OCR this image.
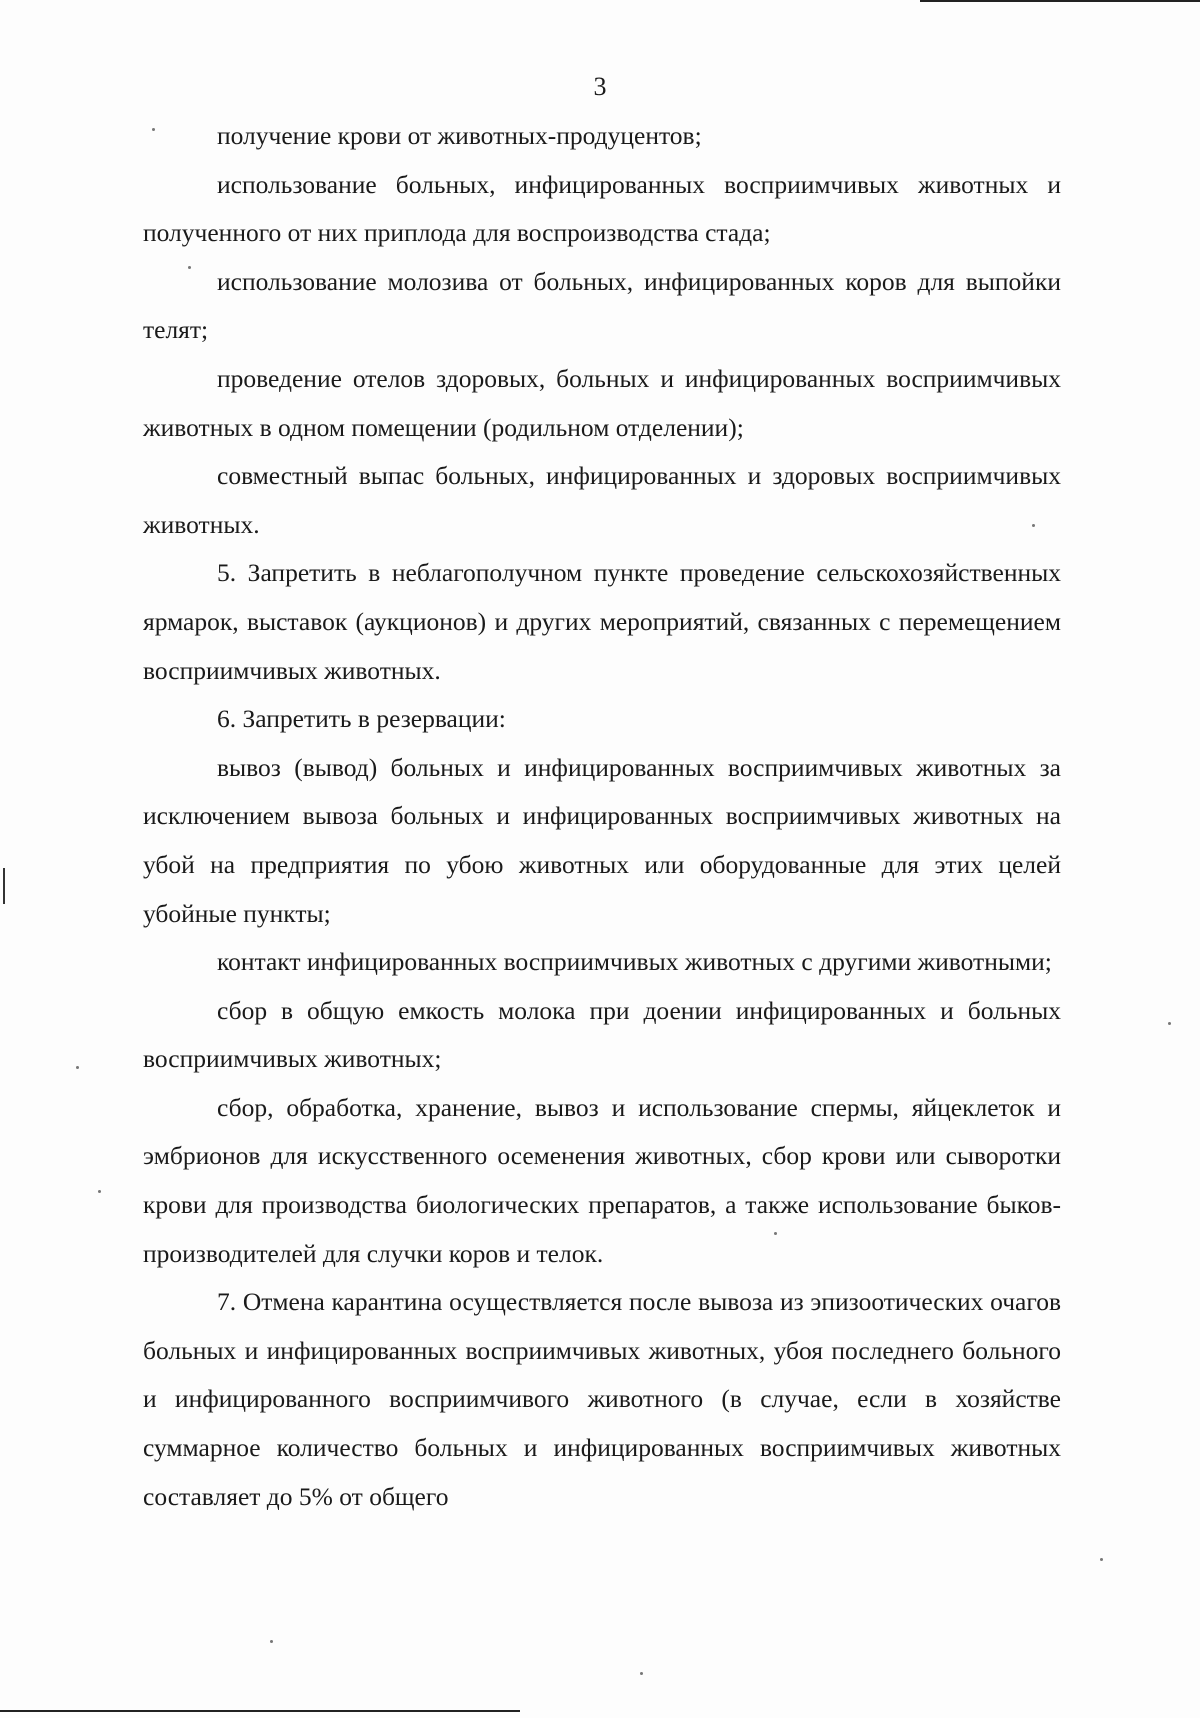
3

получение крови от животных-продуцентов;

использование больных, инфицированных восприимчивых животных и полученного от них приплода для воспроизводства стада;

использование молозива от больных, инфицированных коров для выпойки телят;

проведение отелов здоровых, больных и инфицированных восприимчивых животных в одном помещении (родильном отделении);

совместный выпас больных, инфицированных и здоровых восприимчивых животных.

5. Запретить в неблагополучном пункте проведение сельскохозяйственных ярмарок, выставок (аукционов) и других мероприятий, связанных с перемещением восприимчивых животных.

6. Запретить в резервации:

вывоз (вывод) больных и инфицированных восприимчивых животных за исключением вывоза больных и инфицированных восприимчивых животных на убой на предприятия по убою животных или оборудованные для этих целей убойные пункты;

контакт инфицированных восприимчивых животных с другими животными;

сбор в общую емкость молока при доении инфицированных и больных восприимчивых животных;

сбор, обработка, хранение, вывоз и использование спермы, яйцеклеток и эмбрионов для искусственного осеменения животных, сбор крови или сыворотки крови для производства биологических препаратов, а также использование быков-производителей для случки коров и телок.

7. Отмена карантина осуществляется после вывоза из эпизоотических очагов больных и инфицированных восприимчивых животных, убоя последнего больного и инфицированного восприимчивого животного (в случае, если в хозяйстве суммарное количество больных и инфицированных восприимчивых животных составляет до 5% от общего
